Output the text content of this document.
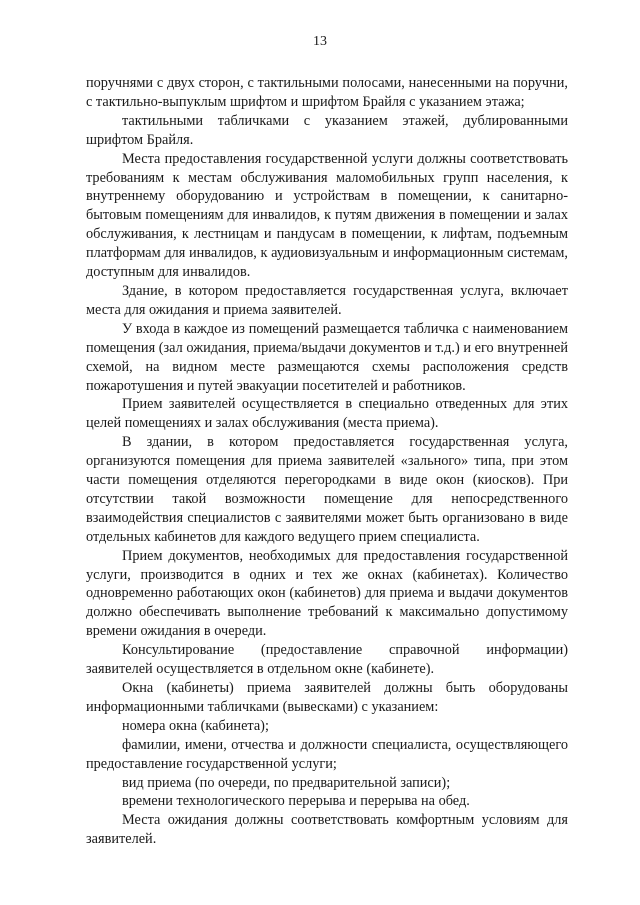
13

поручнями с двух сторон, с тактильными полосами, нанесенными на поручни, с тактильно-выпуклым шрифтом и шрифтом Брайля с указанием этажа;

тактильными табличками с указанием этажей, дублированными шрифтом Брайля.

Места предоставления государственной услуги должны соответствовать требованиям к местам обслуживания маломобильных групп населения, к внутреннему оборудованию и устройствам в помещении, к санитарно-бытовым помещениям для инвалидов, к путям движения в помещении и залах обслуживания, к лестницам и пандусам в помещении, к лифтам, подъемным платформам для инвалидов, к аудиовизуальным и информационным системам, доступным для инвалидов.

Здание, в котором предоставляется государственная услуга, включает места для ожидания и приема заявителей.

У входа в каждое из помещений размещается табличка с наименованием помещения (зал ожидания, приема/выдачи документов и т.д.) и его внутренней схемой, на видном месте размещаются схемы расположения средств пожаротушения и путей эвакуации посетителей и работников.

Прием заявителей осуществляется в специально отведенных для этих целей помещениях и залах обслуживания (места приема).

В здании, в котором предоставляется государственная услуга, организуются помещения для приема заявителей «зального» типа, при этом части помещения отделяются перегородками в виде окон (киосков). При отсутствии такой возможности помещение для непосредственного взаимодействия специалистов с заявителями может быть организовано в виде отдельных кабинетов для каждого ведущего прием специалиста.

Прием документов, необходимых для предоставления государственной услуги, производится в одних и тех же окнах (кабинетах). Количество одновременно работающих окон (кабинетов) для приема и выдачи документов должно обеспечивать выполнение требований к максимально допустимому времени ожидания в очереди.

Консультирование (предоставление справочной информации) заявителей осуществляется в отдельном окне (кабинете).

Окна (кабинеты) приема заявителей должны быть оборудованы информационными табличками (вывесками) с указанием:

номера окна (кабинета);

фамилии, имени, отчества и должности специалиста, осуществляющего предоставление государственной услуги;

вид приема (по очереди, по предварительной записи);

времени технологического перерыва и перерыва на обед.

Места ожидания должны соответствовать комфортным условиям для заявителей.
